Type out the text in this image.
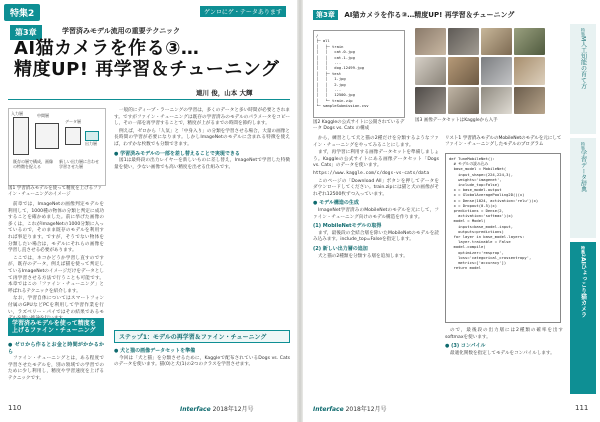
特集2	ゲンロにゲ・テータあります
第3章	学習済みモデル流用の重要テクニック
AI猫カメラを作る③…
精度UP! 再学習＆チューニング
連川 俊，山本 大輝
入力層	中間層
データ層
出力層
既存の層で構成，画像の特徴を捉える
新しい出力層に合わせ学習させた層
図1 学習済みモデルを使って精度を上げるファイン・チューニングのイメージ

前章では，ImageNetの画像判定モデルを利用して，1000種の物体の分類と判定に成功することを確かめました。前に挙げた画像の多くは，これがImageNetの1000分類に入っているので，そのまま既存のモデルを利用すれば事足ります。ですが，そうでない物体を分類したい場合は，モデルにそれらの画像を学習し直させる必要があります。

ここでは，ネコかどうか学習し直すのですが，既存のデータ，例えば猫を使って判定しているImageNetのイメージだけをデータとして再学習させる方法で行うことも可能です。本章ではこの「ファイン・チューニング」と呼ばれるテクニックを紹介します。

なお，学習自体についてはスマートフォン付属のGPUなどPCを利用して学習作業を行い，ラズベリー・パイではその結果であるモ

学習済みモデルを使って精度を上げるファイン・チューニング
● ゼロから作るとお金と時間がかかるから

ファイン・チューニングとは，ある程度で学習させたモデルを，別の領域での学習でのために少し利用し，精度や学習速度を上げるテクニックです。

一般的にディープ・ラーニングの学習は，多くのデータと多い時間が必要とされます。ですがファイン・チューニングは既存の学習済みのモデルのパラメータをコピーし，その一部を再学習することで，精度が上がるまでの時間を節約します。

例えば，ゼロから「人気」と「中身入り」の分類を学習させる場合，大量の画像と長時間の学習が必要になります。しかしImageNetのモデルに含まれる特徴を使えば，わずかな枚数でも分類できます。

● 学習済みモデルの一部を差し替えることで実現できる

図1は最終段の出力レイヤーを新しいものに差し替え，ImageNetで学習した特徴量を使い，少ない画像でも高い精度を出せる仕組みです。

ステップ1：モデルの再学習＆ファイン・チューニング
● 犬と猫の画像データセットを準備

今回は「犬と猫」を分類させるために，Kaggleで配布されているDogs vs. Catsのデータを使います。猫(0)と犬(1)の2つのクラスを学習させます。

110	Interface 2018年12月号
第3章 AI猫カメラを作る③…精度UP! 再学習＆チューニング
/
├─ all
│   ├─ train
│   │   cat.0.jpg
│   │   cat.1.jpg
│   │   ...
│   │   dog.12499.jpg
│   ├─ test
│   │   1.jpg
│   │   2.jpg
│   │   ...
│   │   12500.jpg
│   └─ train.zip
└─ sampleSubmission.csv
図2 Kaggleの公式サイトに公開されているデータ Dogs vs. Cats の構成
図3 画像データセットはKaggleから入手

から，練習として犬と猫の2種だけを分類するようなファイン・チューニングをやってみることにします。

まず，再学習に利用する画像データセットを準備しましょう。Kaggleの公式サイトにある画像データセット「Dogs vs. Cats」のデータを使います。

https://www.kaggle.com/c/dogs-vs-cats/data

このページの「Download All」ボタンを押してデータをダウンロードしてください。train.zipには猫と犬の画像がそれぞれ12500枚ずつ入っています。

● モデル構造の生成

ImageNet学習済みのMobileNetのモデルを元にして，ファイン・チューニング向けのモデル構造を作ります。

(1) MobileNetモデルの取得

まず，最後段の全結合層を除いたMobileNetのモデルを読み込みます。include_top=Falseを指定します。

(2) 新しい出力層の追加

犬と猫の2種類を分類する層を追加します。

リスト1 学習済みモデルのMobileNetのモデルを元にしてファイン・チューニングしたモデルのプログラム
def TuneMobileNet():
# モデルの読み込み
base_model = MobileNet(
input_shape=(224,224,3),
weights='imagenet',
include_top=False)
x = base_model.output
x = GlobalAveragePooling2D()(x)
x = Dense(1024, activation='relu')(x)
x = Dropout(0.5)(x)
predictions = Dense(2,
activation='softmax')(x)
model = Model(
inputs=base_model.input,
outputs=predictions)
for layer in base_model.layers:
layer.trainable = False
model.compile(
optimizer='rmsprop',
loss='categorical_crossentropy',
metrics=['accuracy'])
return model

ので，最後段の出力層には2種類の確率を出すsoftmaxを使います。

● (3) コンパイル

最適化関数を指定してモデルをコンパイルします。

特集
M人工知能の育て方
特集
学習データ辞典
特集2
AIひょっこり猫カメラ
Interface 2018年12月号	111
